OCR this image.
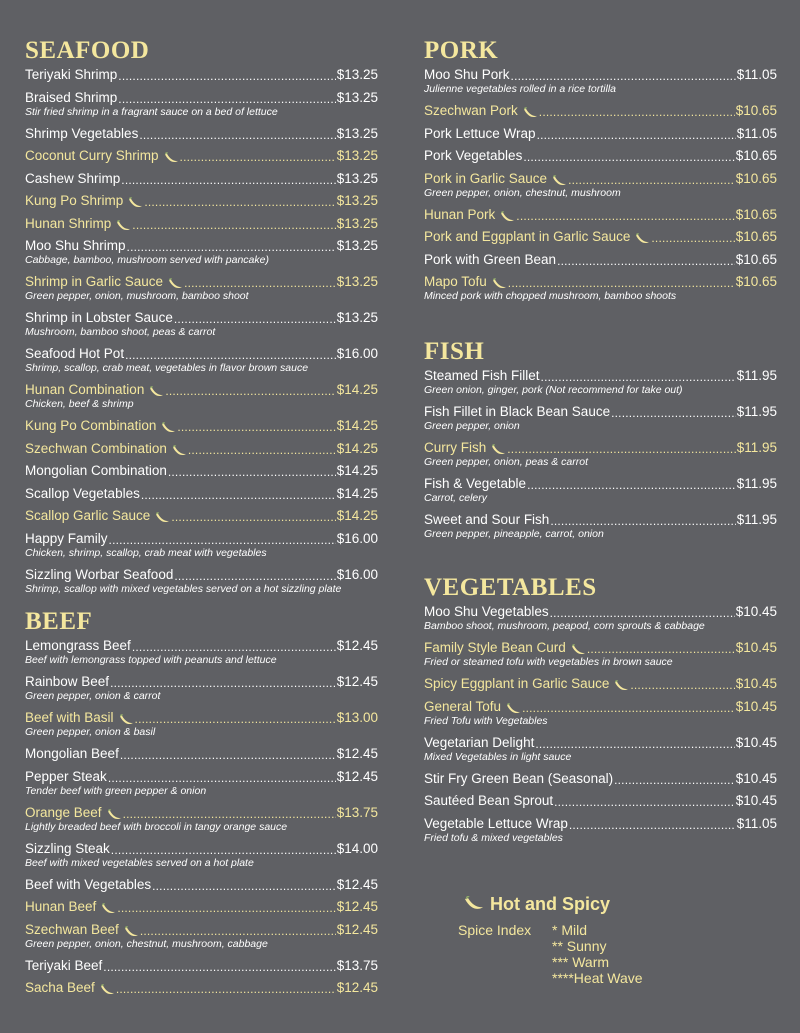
SEAFOOD
Teriyaki Shrimp .....	$13.25
Braised Shrimp .....	$13.25
Stir fried shrimp in a fragrant sauce on a bed of lettuce
Shrimp Vegetables .....	$13.25
Coconut Curry Shrimp .....	$13.25
Cashew Shrimp .....	$13.25
Kung Po Shrimp .....	$13.25
Hunan Shrimp .....	$13.25
Moo Shu Shrimp .....	$13.25
Cabbage, bamboo, mushroom served with pancake)
Shrimp in Garlic Sauce .....	$13.25
Green pepper, onion, mushroom, bamboo shoot
Shrimp in Lobster Sauce .....	$13.25
Mushroom, bamboo shoot, peas & carrot
Seafood Hot Pot .....	$16.00
Shrimp, scallop, crab meat, vegetables in flavor brown sauce
Hunan Combination .....	$14.25
Chicken, beef & shrimp
Kung Po Combination .....	$14.25
Szechwan Combination .....	$14.25
Mongolian Combination .....	$14.25
Scallop Vegetables .....	$14.25
Scallop Garlic Sauce .....	$14.25
Happy Family .....	$16.00
Chicken, shrimp, scallop, crab meat with vegetables
Sizzling Worbar Seafood .....	$16.00
Shrimp, scallop with mixed vegetables served on a hot sizzling plate
BEEF
Lemongrass Beef .....	$12.45
Beef with lemongrass topped with peanuts and lettuce
Rainbow Beef .....	$12.45
Green pepper, onion & carrot
Beef with Basil .....	$13.00
Green pepper, onion & basil
Mongolian Beef .....	$12.45
Pepper Steak .....	$12.45
Tender beef with green pepper & onion
Orange Beef .....	$13.75
Lightly breaded beef with broccoli in tangy orange sauce
Sizzling Steak .....	$14.00
Beef with mixed vegetables served on a hot plate
Beef with Vegetables .....	$12.45
Hunan Beef .....	$12.45
Szechwan Beef .....	$12.45
Green pepper, onion, chestnut, mushroom, cabbage
Teriyaki Beef .....	$13.75
Sacha Beef .....	$12.45
PORK
Moo Shu Pork .....	$11.05
Julienne vegetables rolled in a rice tortilla
Szechwan Pork .....	$10.65
Pork Lettuce Wrap .....	$11.05
Pork Vegetables .....	$10.65
Pork in Garlic Sauce .....	$10.65
Green pepper, onion, chestnut, mushroom
Hunan Pork .....	$10.65
Pork and Eggplant in Garlic Sauce .....	$10.65
Pork with Green Bean .....	$10.65
Mapo Tofu .....	$10.65
Minced pork with chopped mushroom, bamboo shoots
FISH
Steamed Fish Fillet .....	$11.95
Green onion, ginger, pork (Not recommend for take out)
Fish Fillet in Black Bean Sauce .....	$11.95
Green pepper, onion
Curry Fish .....	$11.95
Green pepper, onion, peas & carrot
Fish & Vegetable .....	$11.95
Carrot, celery
Sweet and Sour Fish .....	$11.95
Green pepper, pineapple, carrot, onion
VEGETABLES
Moo Shu Vegetables .....	$10.45
Bamboo shoot, mushroom, peapod, corn sprouts & cabbage
Family Style Bean Curd .....	$10.45
Fried or steamed tofu with vegetables in brown sauce
Spicy Eggplant in Garlic Sauce .....	$10.45
General Tofu .....	$10.45
Fried Tofu with Vegetables
Vegetarian Delight .....	$10.45
Mixed Vegetables in light sauce
Stir Fry Green Bean (Seasonal) .....	$10.45
Sautéed Bean Sprout .....	$10.45
Vegetable Lettuce Wrap .....	$11.05
Fried tofu & mixed vegetables
Hot and Spicy
Spice Index * Mild
** Sunny
*** Warm
****Heat Wave
